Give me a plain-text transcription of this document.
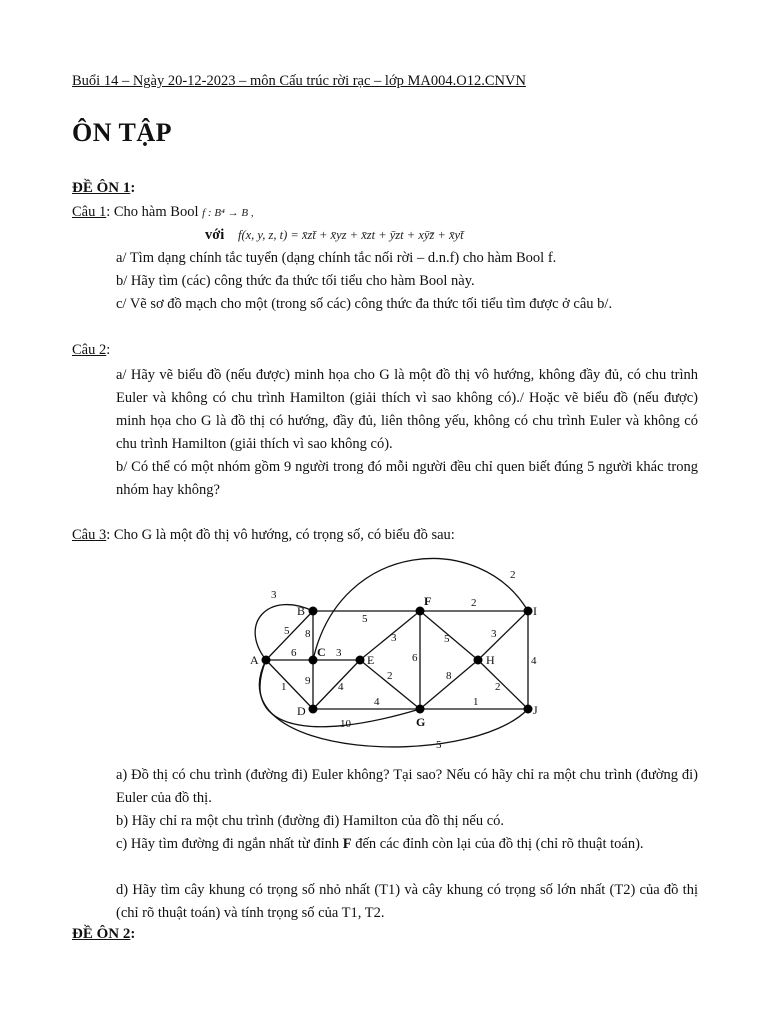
Buổi 14 – Ngày 20-12-2023 – môn Cấu trúc rời rạc – lớp MA004.O12.CNVN
ÔN TẬP
ĐỀ ÔN 1:
Câu 1: Cho hàm Bool f : B⁴ → B ,
với f(x, y, z, t) = x̄zt̄ + x̄yz + x̄zt + ȳzt + xȳz̄ + x̄yt̄
a/ Tìm dạng chính tắc tuyển (dạng chính tắc nối rời – d.n.f) cho hàm Bool f.
b/ Hãy tìm (các) công thức đa thức tối tiểu cho hàm Bool này.
c/ Vẽ sơ đồ mạch cho một (trong số các) công thức đa thức tối tiểu tìm được ở câu b/.
Câu 2:
a/ Hãy vẽ biểu đồ (nếu được) minh họa cho G là một đồ thị vô hướng, không đầy đủ, có chu trình Euler và không có chu trình Hamilton (giải thích vì sao không có)./ Hoặc vẽ biểu đồ (nếu được) minh họa cho G là đồ thị có hướng, đầy đủ, liên thông yếu, không có chu trình Euler và không có chu trình Hamilton (giải thích vì sao không có).
b/ Có thể có một nhóm gồm 9 người trong đó mỗi người đều chỉ quen biết đúng 5 người khác trong nhóm hay không?
Câu 3: Cho G là một đồ thị vô hướng, có trọng số, có biểu đồ sau:
A
B
C
D
E
F
G
H
I
J
5
3
6
1
5
8
5
3
9	4
4
10
3
2
6
2
5
8
1
3
2
4
2
a) Đồ thị có chu trình (đường đi) Euler không? Tại sao? Nếu có hãy chỉ ra một chu trình (đường đi) Euler của đồ thị.
b) Hãy chỉ ra một chu trình (đường đi) Hamilton của đồ thị nếu có.
c) Hãy tìm đường đi ngắn nhất từ đỉnh F đến các đỉnh còn lại của đồ thị (chỉ rõ thuật toán).
d) Hãy tìm cây khung có trọng số nhỏ nhất (T1) và cây khung có trọng số lớn nhất (T2) của đồ thị (chỉ rõ thuật toán) và tính trọng số của T1, T2.
ĐỀ ÔN 2:
